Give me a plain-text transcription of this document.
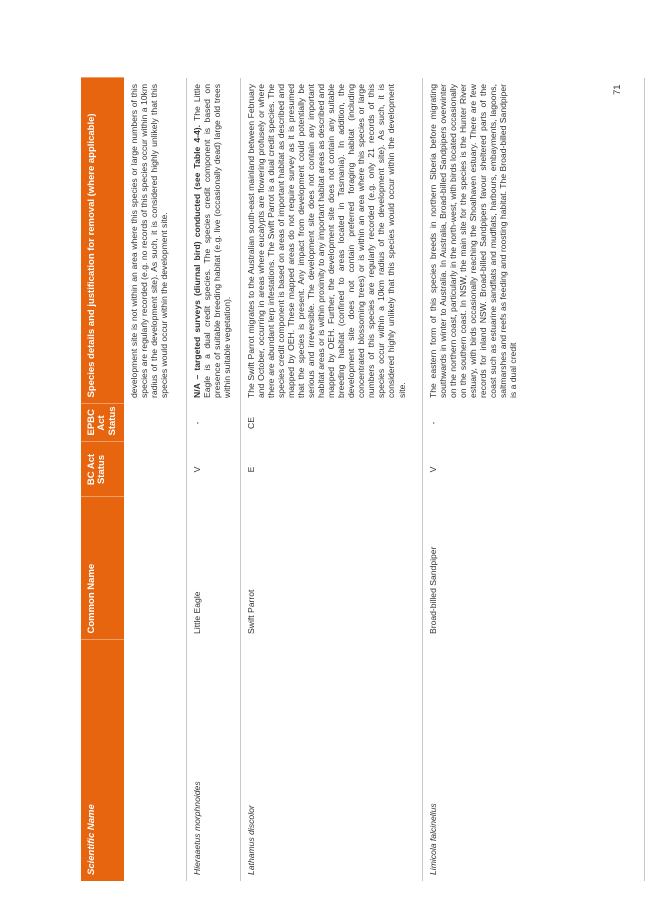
Scientific Name	Common Name	BC Act Status	EPBC Act Status	Species details and justification for removal (where applicable)
				development site is not within an area where this species or large numbers of this species are regularly recorded (e.g. no records of this species occur within a 10km radius of the development site). As such, it is considered highly unlikely that this species would occur within the development site.
Hieraaetus morphnoides	Little Eagle	V	-	N/A – targeted surveys (diurnal bird) conducted (see Table 4-4). The Little Eagle is a dual credit species. The species credit component is based on presence of suitable breeding habitat (e.g. live (occasionally dead) large old trees within suitable vegetation).
Lathamus discolor	Swift Parrot	E	CE	The Swift Parrot migrates to the Australian south-east mainland between February and October, occurring in areas where eucalypts are flowering profusely or where there are abundant lerp infestations. The Swift Parrot is a dual credit species. The species credit component is based on areas of important habitat as described and mapped by OEH. These mapped areas do not require survey as it is presumed that the species is present. Any impact from development could potentially be serious and irreversible. The development site does not contain any important habitat areas or is within proximity to any important habitat areas as described and mapped by OEH. Further, the development site does not contain any suitable breeding habitat (confined to areas located in Tasmania). In addition, the development site does not contain preferred foraging habitat (including concentrated blossoming trees) or is within an area where this species or large numbers of this species are regularly recorded (e.g. only 21 records of this species occur within a 10km radius of the development site). As such, it is considered highly unlikely that this species would occur within the development site.
Limicola falcinellus	Broad-billed Sandpiper	V	-	The eastern form of this species breeds in northern Siberia before migrating southwards in winter to Australia. In Australia, Broad-billed Sandpipers overwinter on the northern coast, particularly in the north-west, with birds located occasionally on the southern coast. In NSW, the main site for the species is the Hunter River estuary, with birds occasionally reaching the Shoalhaven estuary. There are few records for inland NSW. Broad-billed Sandpipers favour sheltered parts of the coast such as estuarine sandflats and mudflats, harbours, embayments, lagoons, saltmarshes and reefs as feeding and roosting habitat. The Broad-billed Sandpiper is a dual credit
71
